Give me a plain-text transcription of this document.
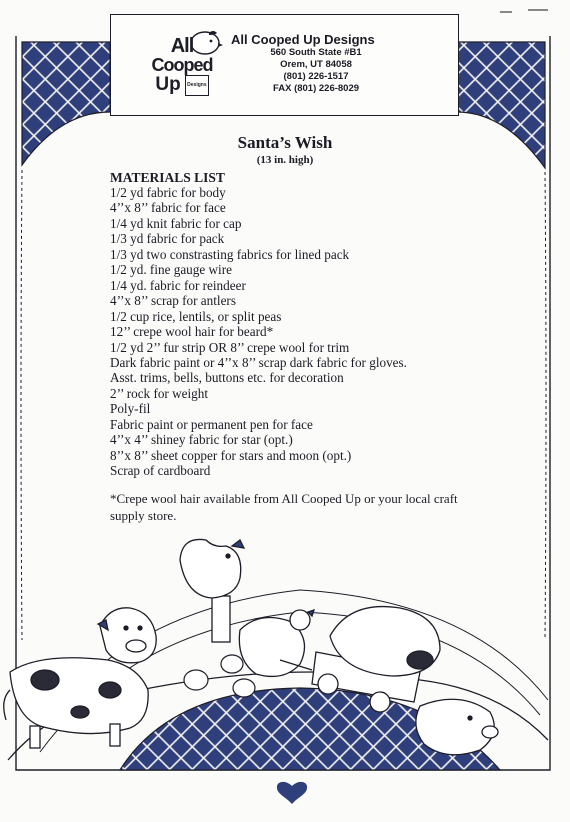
All
Cooped
Up Designs
All Cooped Up Designs
560 South State #B1
Orem, UT 84058
(801) 226-1517
FAX (801) 226-8029
Santa’s Wish
(13 in. high)
MATERIALS LIST
1/2 yd fabric for body
4’’x 8’’ fabric for face
1/4 yd knit fabric for cap
1/3 yd fabric for pack
1/3 yd two constrasting fabrics for lined pack
1/2 yd. fine gauge wire
1/4 yd. fabric for reindeer
4’’x 8’’ scrap for antlers
1/2 cup rice, lentils, or split peas
12’’ crepe wool hair for beard*
1/2 yd 2’’ fur strip OR 8’’ crepe wool for trim
Dark fabric paint or 4’’x 8’’ scrap dark fabric for gloves.
Asst. trims, bells, buttons etc. for decoration
2’’ rock for weight
Poly-fil
Fabric paint or permanent pen for face
4’’x 4’’ shiney fabric for star (opt.)
8’’x 8’’ sheet copper for stars and moon (opt.)
Scrap of cardboard
*Crepe wool hair available from All Cooped Up or your local craft supply store.
